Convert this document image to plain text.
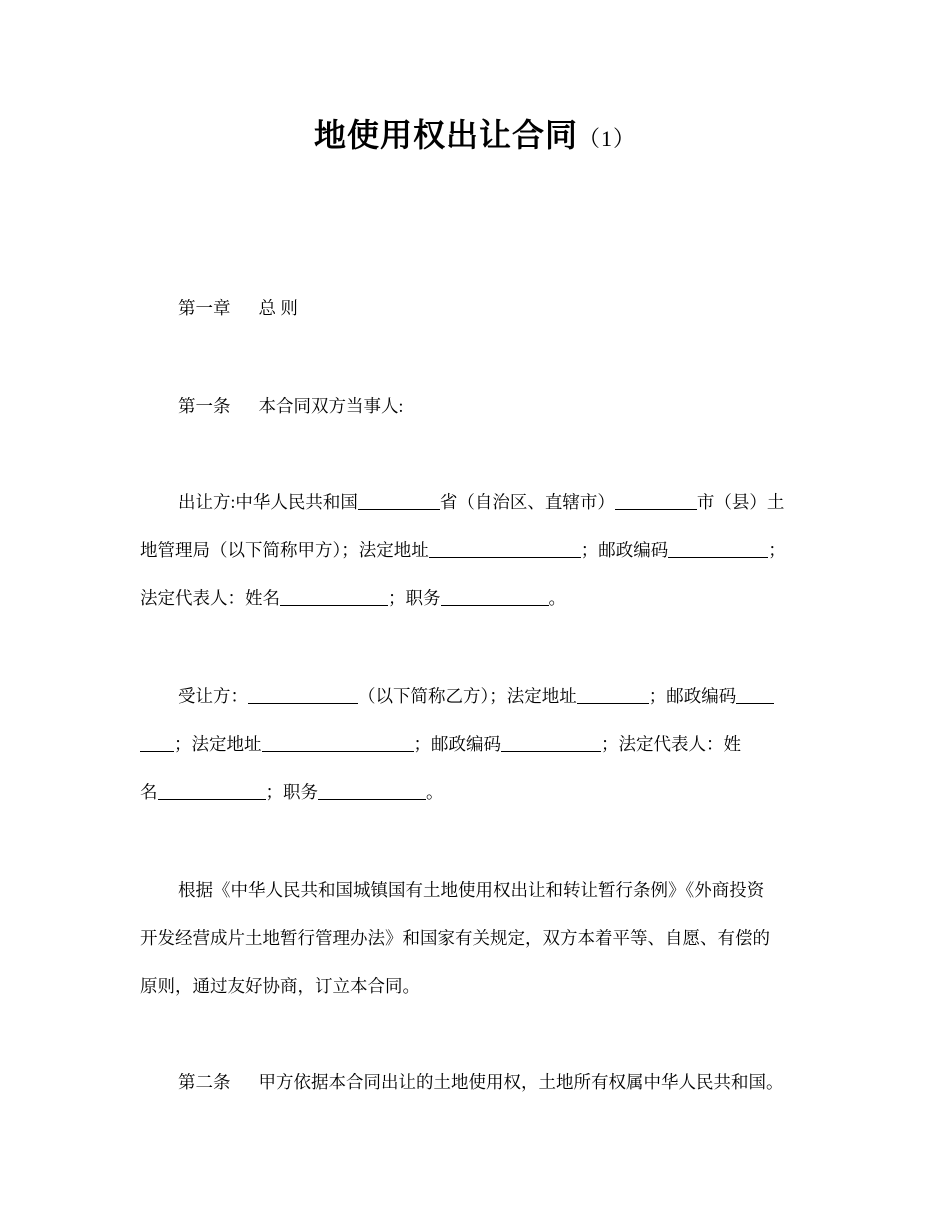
地使用权出让合同（1）
第一章 总 则
第一条 本合同双方当事人:
出让方:中华人民共和国	省（自治区、直辖市）	市（县）土
地管理局（以下简称甲方）；法定地址	；邮政编码	；
法定代表人：姓名	；职务	。
受让方：	（以下简称乙方）；法定地址	；邮政编码
；法定地址	；邮政编码	；法定代表人：姓
名	；职务	。
根据《中华人民共和国城镇国有土地使用权出让和转让暂行条例》《外商投资
开发经营成片土地暂行管理办法》和国家有关规定，双方本着平等、自愿、有偿的
原则，通过友好协商，订立本合同。
第二条 甲方依据本合同出让的土地使用权，土地所有权属中华人民共和国。
